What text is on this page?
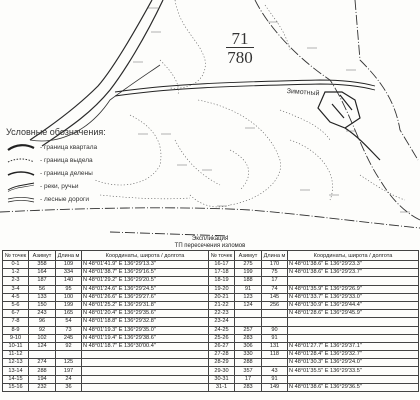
71
780
Зимотный
Условные обозначения:
- граница квартала
- граница выдела
- граница делены
- реки, ручьи
- лесные дороги
Экспликация
ТП пересечения изломов
№ точек	Азимут	Длина м	Координаты, широта / долгота	№ точек	Азимут	Длина м	Координаты, широта / долгота
0-1	358	109	N 48°01'41.9" E 136°29'13.3"	16-17	275	170	N 48°01'38.6" E 136°29'23.3"
1-2	164	334	N 48°01'38.7" E 136°29'16.5"	17-18	199	75	N 48°01'38.6" E 136°29'23.7"
2-3	187	140	N 48°01'29.2" E 136°29'20.5"	18-19	188	17	
3-4	56	95	N 48°01'24.6" E 136°29'24.5"	19-20	91	74	N 48°01'35.9" E 136°29'26.9"
4-5	133	100	N 48°01'26.6" E 136°29'27.6"	20-21	123	145	N 48°01'33.7" E 136°29'33.0"
5-6	150	199	N 48°01'25.2" E 136°29'31.8"	21-22	124	256	N 48°01'30.9" E 136°29'44.4"
6-7	243	165	N 48°01'20.4" E 136°29'35.6"	22-23			N 48°01'28.6" E 136°29'45.9"
7-8	96	54	N 48°01'18.8" E 136°29'32.8"	23-24			
8-9	92	73	N 48°01'19.3" E 136°29'35.0"	24-25	257	90	
9-10	102	245	N 48°01'19.4" E 136°29'38.6"	25-26	283	91	
10-11	124	92	N 48°01'18.7" E 136°30'00.4"	26-27	306	131	N 48°01'27.7" E 136°29'37.1"
11-12				27-28	330	118	N 48°01'28.4" E 136°29'32.7"
12-13	274	125		28-29	288		N 48°01'30.3" E 136°29'24.0"
13-14	288	197		29-30	357	43	N 48°01'35.5" E 136°29'33.5"
14-15	194	24		30-31	17	91	
15-16	232	36		31-1	283	149	N 48°01'38.6" E 136°29'36.5"
